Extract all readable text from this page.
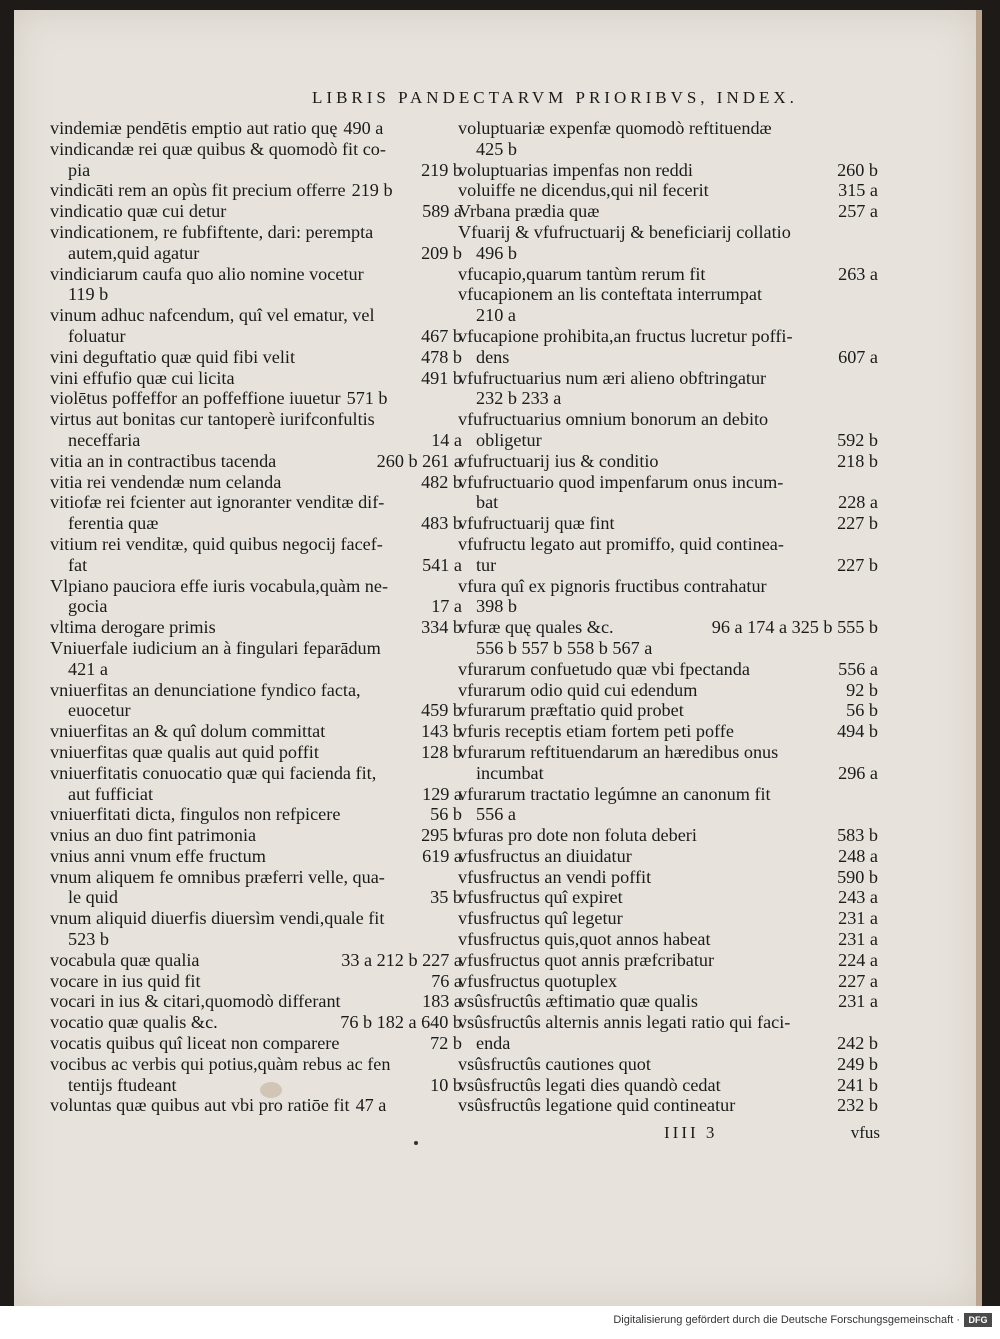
LIBRIS PANDECTARVM PRIORIBVS, INDEX.
vindemiæ pendētis emptio aut ratio quę 490 a
vindicandæ rei quæ quibus & quomodò fit co-
219 b
pia
vindicāti rem an opùs fit precium offerre 219 b
589 a
vindicatio quæ cui detur
vindicationem, re fubfiftente, dari: perempta
209 b
autem,quid agatur
vindiciarum caufa quo alio nomine vocetur
119 b
vinum adhuc nafcendum, quî vel ematur, vel
467 b
foluatur
478 b
vini deguftatio quæ quid fibi velit
491 b
vini effufio quæ cui licita
violētus poffeffor an poffeffione iuuetur 571 b
virtus aut bonitas cur tantoperè iurifconfultis
14 a
neceffaria
260 b 261 a
vitia an in contractibus tacenda
482 b
vitia rei vendendæ num celanda
vitiofæ rei fcienter aut ignoranter venditæ dif-
483 b
ferentia quæ
vitium rei venditæ, quid quibus negocij facef-
541 a
fat
Vlpiano pauciora effe iuris vocabula,quàm ne-
17 a
gocia
334 b
vltima derogare primis
Vniuerfale iudicium an à fingulari feparādum
421 a
vniuerfitas an denunciatione fyndico facta,
459 b
euocetur
143 b
vniuerfitas an & quî dolum committat
128 b
vniuerfitas quæ qualis aut quid poffit
vniuerfitatis conuocatio quæ qui facienda fit,
129 a
aut fufficiat
56 b
vniuerfitati dicta, fingulos non refpicere
295 b
vnius an duo fint patrimonia
619 a
vnius anni vnum effe fructum
vnum aliquem fe omnibus præferri velle, qua-
35 b
le quid
vnum aliquid diuerfis diuersìm vendi,quale fit
523 b
33 a 212 b 227 a
vocabula quæ qualia
76 a
vocare in ius quid fit
183 a
vocari in ius & citari,quomodò differant
76 b 182 a 640 b
vocatio quæ qualis &c.
72 b
vocatis quibus quî liceat non comparere
vocibus ac verbis qui potius,quàm rebus ac fen
10 b
tentijs ftudeant
voluntas quæ quibus aut vbi pro ratiōe fit 47 a
voluptuariæ expenfæ quomodò reftituendæ
425 b
260 b
voluptuarias impenfas non reddi
315 a
voluiffe ne dicendus,qui nil fecerit
257 a
Vrbana prædia quæ
Vfuarij & vfufructuarij & beneficiarij collatio
496 b
263 a
vfucapio,quarum tantùm rerum fit
vfucapionem an lis conteftata interrumpat
210 a
vfucapione prohibita,an fructus lucretur poffi-
607 a
dens
vfufructuarius num æri alieno obftringatur
232 b 233 a
vfufructuarius omnium bonorum an debito
592 b
obligetur
218 b
vfufructuarij ius & conditio
vfufructuario quod impenfarum onus incum-
228 a
bat
227 b
vfufructuarij quæ fint
vfufructu legato aut promiffo, quid continea-
227 b
tur
vfura quî ex pignoris fructibus contrahatur
398 b
96 a 174 a 325 b 555 b
vfuræ quę quales &c.
556 b 557 b 558 b 567 a
556 a
vfurarum confuetudo quæ vbi fpectanda
92 b
vfurarum odio quid cui edendum
56 b
vfurarum præftatio quid probet
494 b
vfuris receptis etiam fortem peti poffe
vfurarum reftituendarum an hæredibus onus
296 a
incumbat
vfurarum tractatio legúmne an canonum fit
556 a
583 b
vfuras pro dote non foluta deberi
248 a
vfusfructus an diuidatur
590 b
vfusfructus an vendi poffit
243 a
vfusfructus quî expiret
231 a
vfusfructus quî legetur
231 a
vfusfructus quis,quot annos habeat
224 a
vfusfructus quot annis præfcribatur
227 a
vfusfructus quotuplex
231 a
vsûsfructûs æftimatio quæ qualis
vsûsfructûs alternis annis legati ratio qui faci-
242 b
enda
249 b
vsûsfructûs cautiones quot
241 b
vsûsfructûs legati dies quandò cedat
232 b
vsûsfructûs legatione quid contineatur
IIII 3	vfus
Digitalisierung gefördert durch die Deutsche Forschungsgemeinschaft · DFG
